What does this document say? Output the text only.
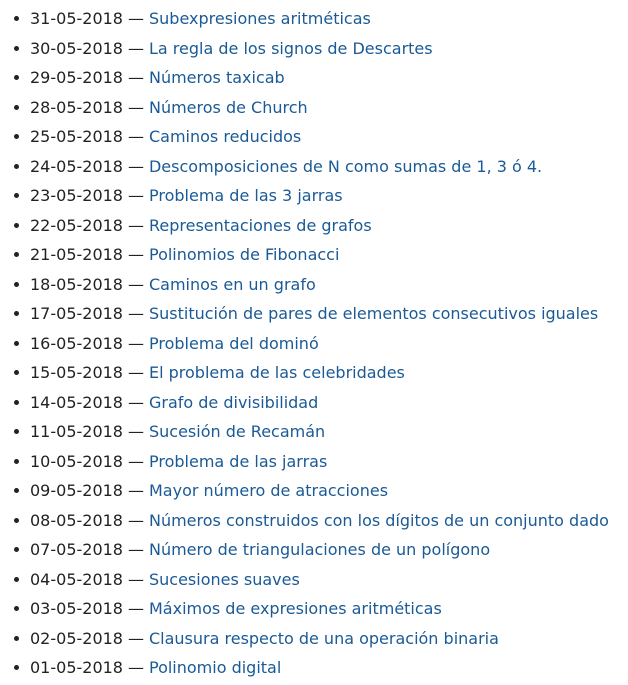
31-05-2018 — Subexpresiones aritméticas
30-05-2018 — La regla de los signos de Descartes
29-05-2018 — Números taxicab
28-05-2018 — Números de Church
25-05-2018 — Caminos reducidos
24-05-2018 — Descomposiciones de N como sumas de 1, 3 ó 4.
23-05-2018 — Problema de las 3 jarras
22-05-2018 — Representaciones de grafos
21-05-2018 — Polinomios de Fibonacci
18-05-2018 — Caminos en un grafo
17-05-2018 — Sustitución de pares de elementos consecutivos iguales
16-05-2018 — Problema del dominó
15-05-2018 — El problema de las celebridades
14-05-2018 — Grafo de divisibilidad
11-05-2018 — Sucesión de Recamán
10-05-2018 — Problema de las jarras
09-05-2018 — Mayor número de atracciones
08-05-2018 — Números construidos con los dígitos de un conjunto dado
07-05-2018 — Número de triangulaciones de un polígono
04-05-2018 — Sucesiones suaves
03-05-2018 — Máximos de expresiones aritméticas
02-05-2018 — Clausura respecto de una operación binaria
01-05-2018 — Polinomio digital
